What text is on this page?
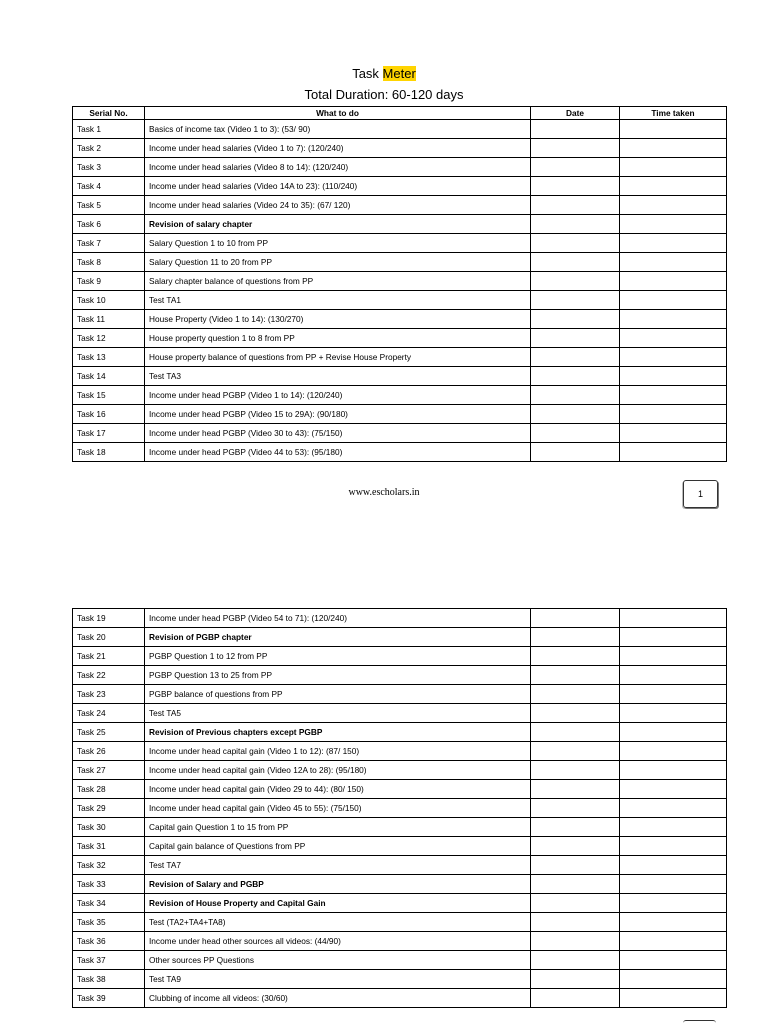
Task Meter
Total Duration: 60-120 days
Serial No.	What to do	Date	Time taken
Task 1	Basics of income tax (Video 1 to 3): (53/ 90)		
Task 2	Income under head salaries (Video 1 to 7): (120/240)		
Task 3	Income under head salaries (Video 8 to 14): (120/240)		
Task 4	Income under head salaries (Video 14A to 23): (110/240)		
Task 5	Income under head salaries (Video 24 to 35): (67/ 120)		
Task 6	Revision of salary chapter		
Task 7	Salary Question 1 to 10 from PP		
Task 8	Salary Question 11 to 20 from PP		
Task 9	Salary chapter balance of questions from PP		
Task 10	Test TA1		
Task 11	House Property (Video 1 to 14): (130/270)		
Task 12	House property question 1 to 8 from PP		
Task 13	House property balance of questions from PP + Revise House Property		
Task 14	Test TA3		
Task 15	Income under head PGBP (Video 1 to 14): (120/240)		
Task 16	Income under head PGBP (Video 15 to 29A): (90/180)		
Task 17	Income under head PGBP (Video 30 to 43): (75/150)		
Task 18	Income under head PGBP (Video 44 to 53): (95/180)		
www.escholars.in	1
Task 19	Income under head PGBP (Video 54 to 71): (120/240)		
Task 20	Revision of PGBP chapter		
Task 21	PGBP Question 1 to 12 from PP		
Task 22	PGBP Question 13 to 25 from PP		
Task 23	PGBP balance of questions from PP		
Task 24	Test TA5		
Task 25	Revision of Previous chapters except PGBP		
Task 26	Income under head capital gain (Video 1 to 12): (87/ 150)		
Task 27	Income under head capital gain (Video 12A to 28): (95/180)		
Task 28	Income under head capital gain (Video 29 to 44): (80/ 150)		
Task 29	Income under head capital gain (Video 45 to 55): (75/150)		
Task 30	Capital gain Question 1 to 15 from PP		
Task 31	Capital gain balance of Questions from PP		
Task 32	Test TA7		
Task 33	Revision of Salary and PGBP		
Task 34	Revision of House Property and Capital Gain		
Task 35	Test (TA2+TA4+TA8)		
Task 36	Income under head other sources all videos: (44/90)		
Task 37	Other sources PP Questions		
Task 38	Test TA9		
Task 39	Clubbing of income all videos: (30/60)		
